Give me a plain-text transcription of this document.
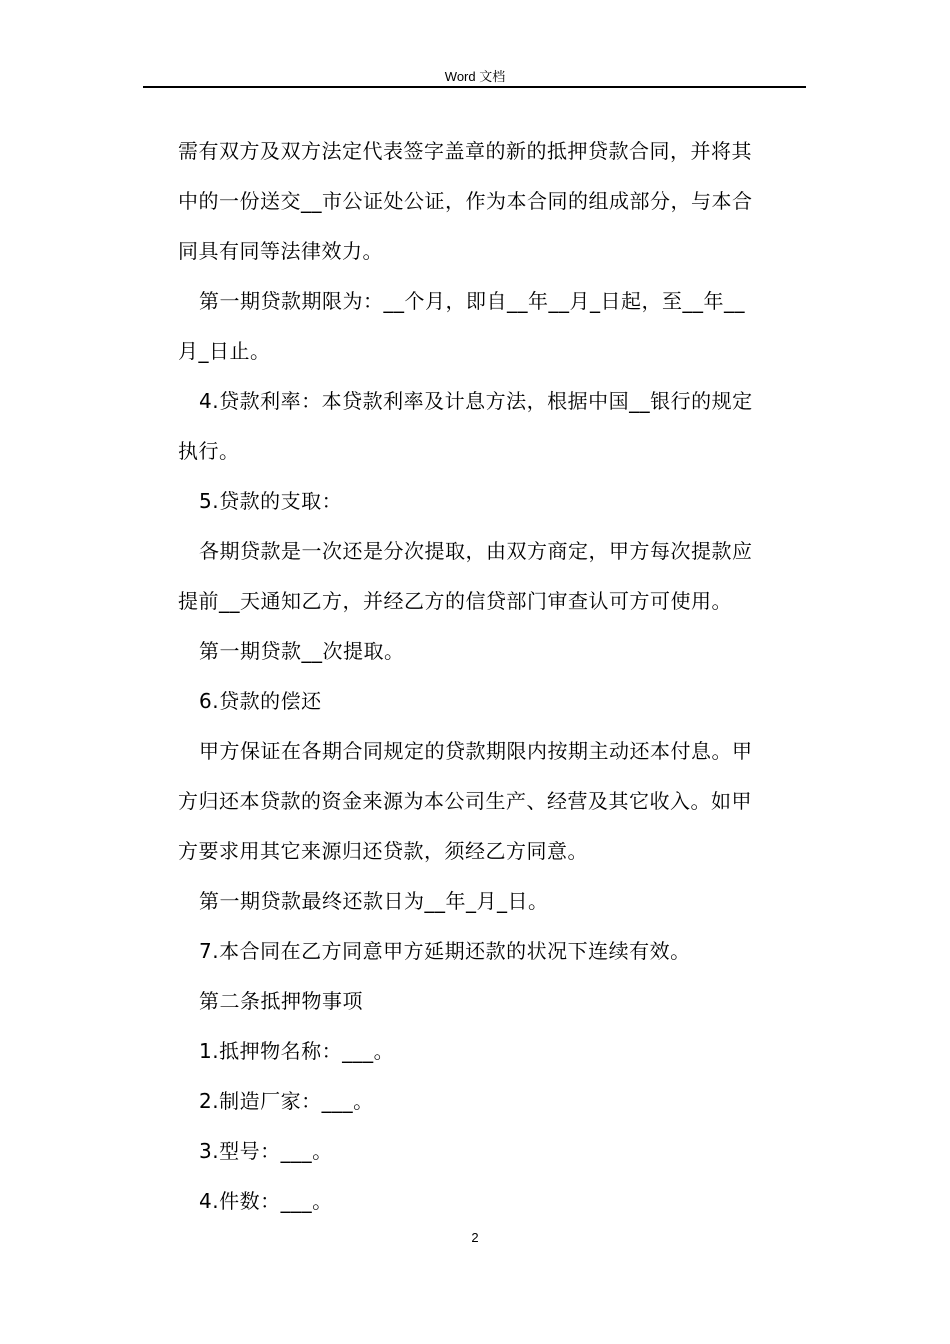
Word 文档
需有双方及双方法定代表签字盖章的新的抵押贷款合同，并将其
中的一份送交__市公证处公证，作为本合同的组成部分，与本合
同具有同等法律效力。
第一期贷款期限为：__个月，即自__年__月_日起，至__年__
月_日止。
4.贷款利率：本贷款利率及计息方法，根据中国__银行的规定
执行。
5.贷款的支取：
各期贷款是一次还是分次提取，由双方商定，甲方每次提款应
提前__天通知乙方，并经乙方的信贷部门审查认可方可使用。
第一期贷款__次提取。
6.贷款的偿还
甲方保证在各期合同规定的贷款期限内按期主动还本付息。甲
方归还本贷款的资金来源为本公司生产、经营及其它收入。如甲
方要求用其它来源归还贷款，须经乙方同意。
第一期贷款最终还款日为__年_月_日。
7.本合同在乙方同意甲方延期还款的状况下连续有效。
第二条抵押物事项
1.抵押物名称：___。
2.制造厂家：___。
3.型号：___。
4.件数：___。
2
